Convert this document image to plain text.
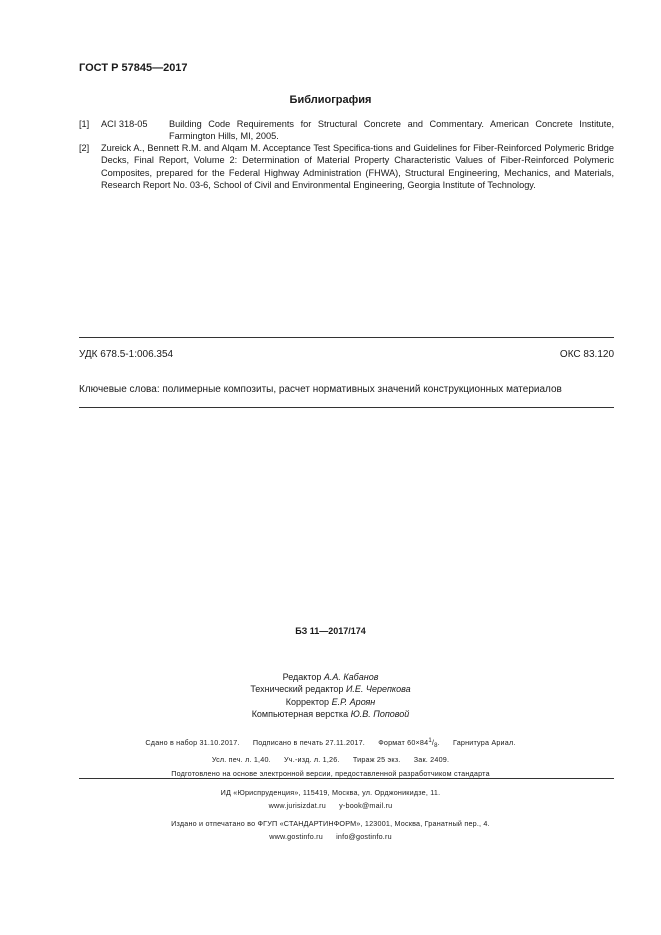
ГОСТ Р 57845—2017
Библиография
[1] ACI 318-05 Building Code Requirements for Structural Concrete and Commentary. American Concrete Institute, Farmington Hills, MI, 2005.
[2] Zureick A., Bennett R.M. and Alqam M. Acceptance Test Specifica-tions and Guidelines for Fiber-Reinforced Polymeric Bridge Decks, Final Report, Volume 2: Determination of Material Property Characteristic Values of Fiber-Reinforced Polymeric Composites, prepared for the Federal Highway Administration (FHWA), Structural Engineering, Mechanics, and Materials, Research Report No. 03-6, School of Civil and Environmental Engineering, Georgia Institute of Technology.
УДК 678.5-1:006.354	ОКС 83.120
Ключевые слова: полимерные композиты, расчет нормативных значений конструкционных материалов
БЗ 11—2017/174
Редактор А.А. Кабанов
Технический редактор И.Е. Черепкова
Корректор Е.Р. Ароян
Компьютерная верстка Ю.В. Поповой
Сдано в набор 31.10.2017. Подписано в печать 27.11.2017. Формат $60\times 84^1/_8$.      Гарнитура Ариал.
Усл. печ. л. 1,40. Уч.-изд. л. 1,26. Тираж 25 экз. Зак. 2409.
Подготовлено на основе электронной версии, предоставленной разработчиком стандарта
ИД «Юриспруденция», 115419, Москва, ул. Орджоникидзе, 11.
www.jurisizdat.ru y-book@mail.ru
Издано и отпечатано во ФГУП «СТАНДАРТИНФОРМ», 123001, Москва, Гранатный пер., 4.
www.gostinfo.ru info@gostinfo.ru
